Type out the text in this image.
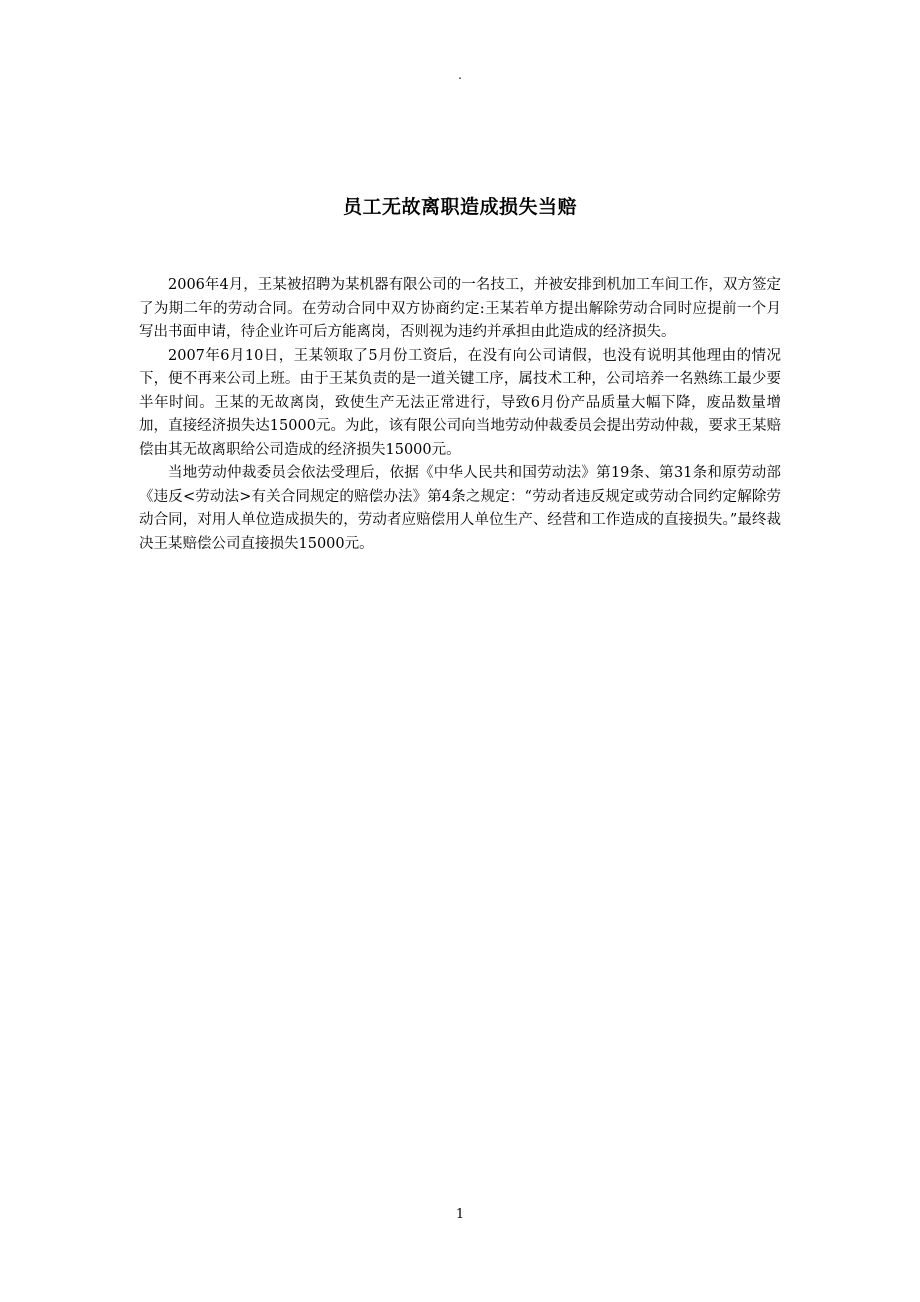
.
员工无故离职造成损失当赔

2006年4月，王某被招聘为某机器有限公司的一名技工，并被安排到机加工车间工作，双方签定了为期二年的劳动合同。在劳动合同中双方协商约定:王某若单方提出解除劳动合同时应提前一个月写出书面申请，待企业许可后方能离岗，否则视为违约并承担由此造成的经济损失。

2007年6月10日，王某领取了5月份工资后，在没有向公司请假，也没有说明其他理由的情况下，便不再来公司上班。由于王某负责的是一道关键工序，属技术工种，公司培养一名熟练工最少要半年时间。王某的无故离岗，致使生产无法正常进行，导致6月份产品质量大幅下降，废品数量增加，直接经济损失达15000元。为此，该有限公司向当地劳动仲裁委员会提出劳动仲裁，要求王某赔偿由其无故离职给公司造成的经济损失15000元。

当地劳动仲裁委员会依法受理后，依据《中华人民共和国劳动法》第19条、第31条和原劳动部《违反<劳动法>有关合同规定的赔偿办法》第4条之规定：“劳动者违反规定或劳动合同约定解除劳动合同，对用人单位造成损失的，劳动者应赔偿用人单位生产、经营和工作造成的直接损失。”最终裁决王某赔偿公司直接损失15000元。

1
